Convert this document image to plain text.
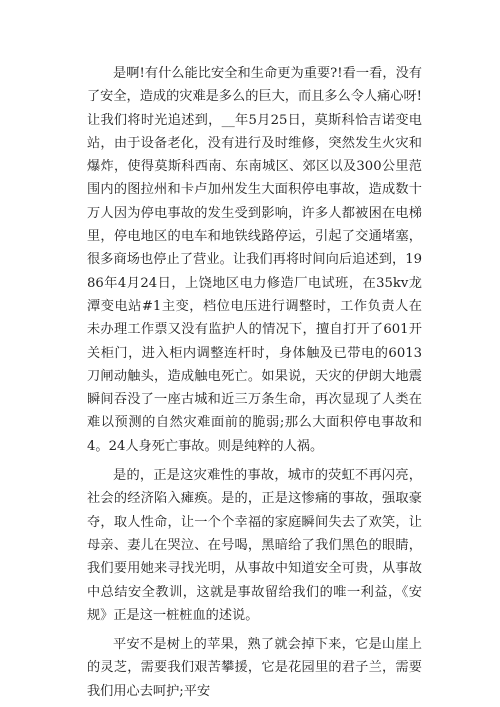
是啊!有什么能比安全和生命更为重要?!看一看，没有了安全，造成的灾难是多么的巨大，而且多么令人痛心呀!让我们将时光追述到，__年5月25日，莫斯科恰吉诺变电站，由于设备老化，没有进行及时维修，突然发生火灾和爆炸，使得莫斯科西南、东南城区、郊区以及300公里范围内的图拉州和卡卢加州发生大面积停电事故，造成数十万人因为停电事故的发生受到影响，许多人都被困在电梯里，停电地区的电车和地铁线路停运，引起了交通堵塞，很多商场也停止了营业。让我们再将时间向后追述到，1986年4月24日，上饶地区电力修造厂电试班，在35kv龙潭变电站#1主变，档位电压进行调整时，工作负责人在未办理工作票又没有监护人的情况下，擅自打开了601开关柜门，进入柜内调整连杆时，身体触及已带电的6013刀闸动触头，造成触电死亡。如果说，天灾的伊朗大地震瞬间吞没了一座古城和近三万条生命，再次显现了人类在难以预测的自然灾难面前的脆弱;那么大面积停电事故和4。24人身死亡事故。则是纯粹的人祸。

是的，正是这灾难性的事故，城市的荧虹不再闪亮，社会的经济陷入瘫痪。是的，正是这惨痛的事故，强取豪夺，取人性命，让一个个幸福的家庭瞬间失去了欢笑，让母亲、妻儿在哭泣、在号喝，黑暗给了我们黑色的眼睛，我们要用她来寻找光明，从事故中知道安全可贵，从事故中总结安全教训，这就是事故留给我们的唯一利益，《安规》正是这一桩桩血的述说。

平安不是树上的苹果，熟了就会掉下来，它是山崖上的灵芝，需要我们艰苦攀援，它是花园里的君子兰，需要我们用心去呵护;平安
